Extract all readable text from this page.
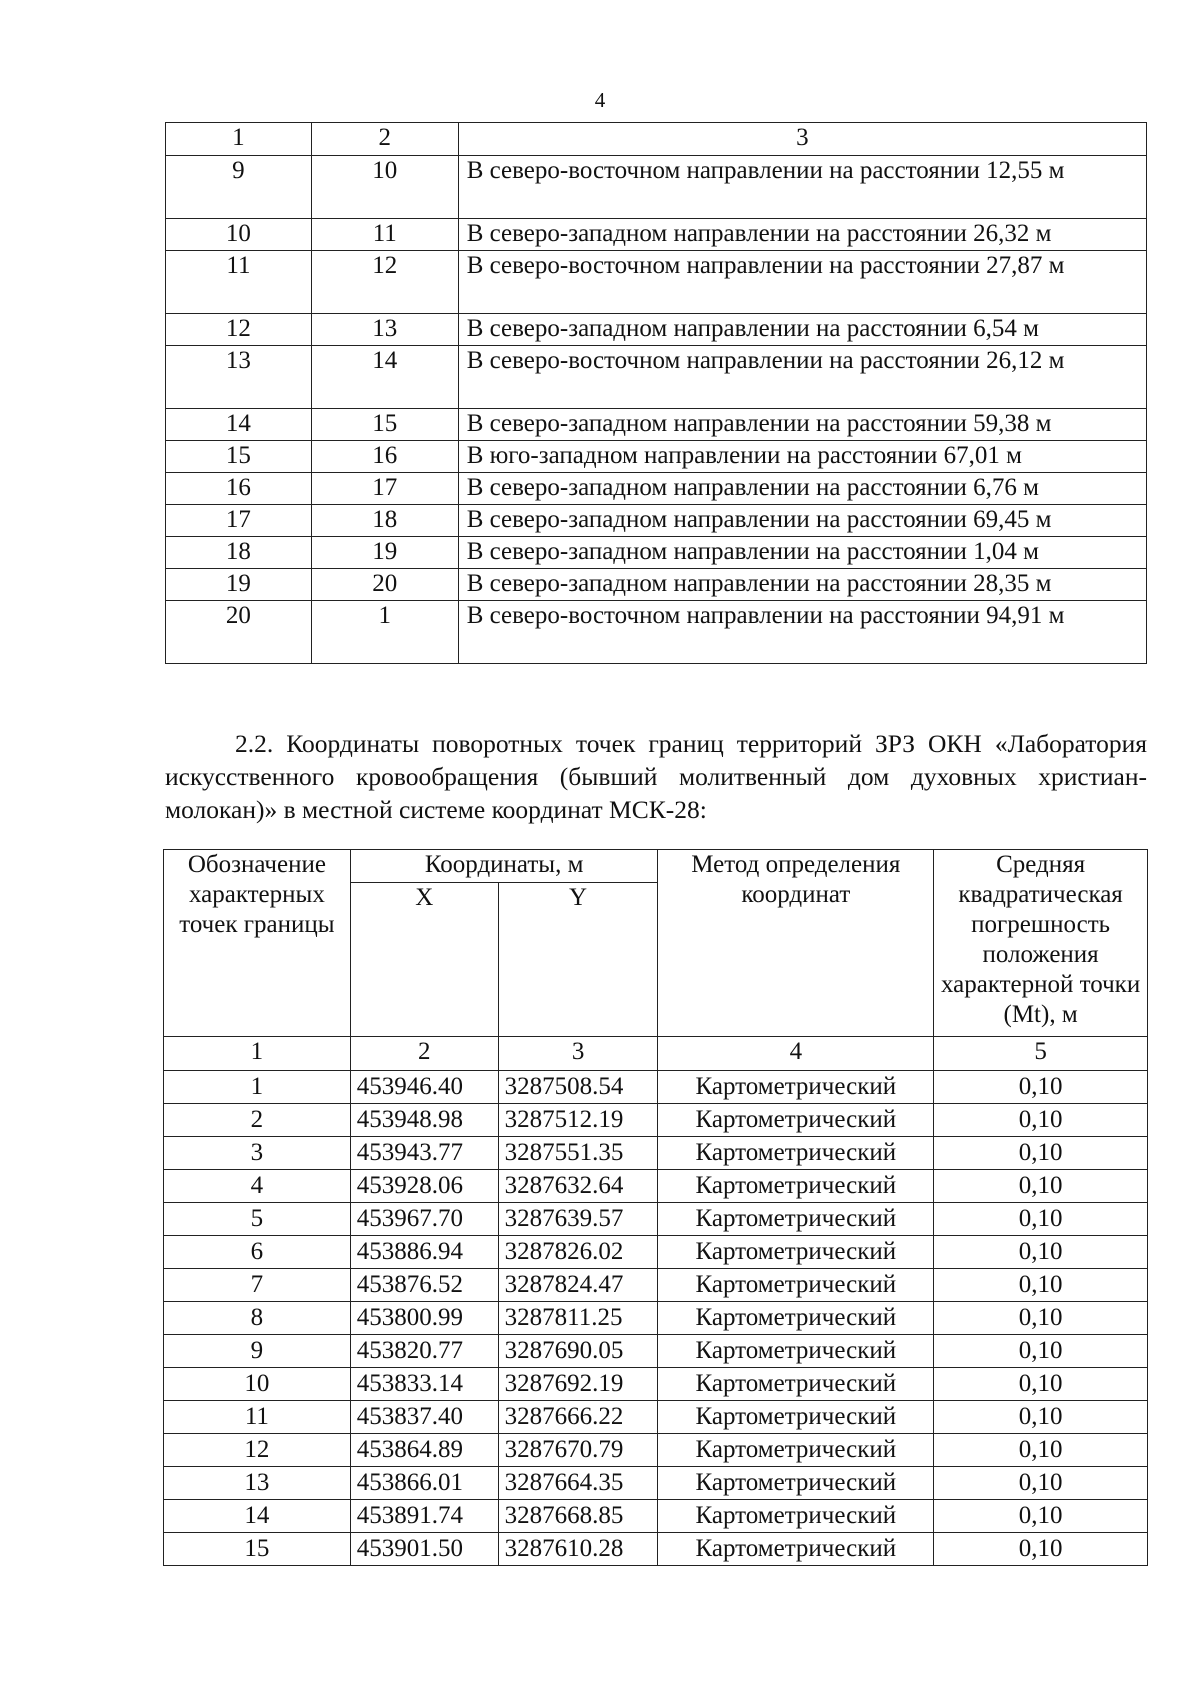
4
1	2	3
9	10	В северо-восточном направлении на расстоянии 12,55 м
10	11	В северо-западном направлении на расстоянии 26,32 м
11	12	В северо-восточном направлении на расстоянии 27,87 м
12	13	В северо-западном направлении на расстоянии 6,54 м
13	14	В северо-восточном направлении на расстоянии 26,12 м
14	15	В северо-западном направлении на расстоянии 59,38 м
15	16	В юго-западном направлении на расстоянии 67,01 м
16	17	В северо-западном направлении на расстоянии 6,76 м
17	18	В северо-западном направлении на расстоянии 69,45 м
18	19	В северо-западном направлении на расстоянии 1,04 м
19	20	В северо-западном направлении на расстоянии 28,35 м
20	1	В северо-восточном направлении на расстоянии 94,91 м

2.2. Координаты поворотных точек границ территорий ЗРЗ ОКН «Лаборатория искусственного кровообращения (бывший молитвенный дом духовных христиан-молокан)» в местной системе координат МСК-28:

Обозначение характерных точек границы	Координаты, м		Метод определения координат	Средняя квадратическая погрешность положения характерной точки (Mt), м
	X	Y		
1	2	3	4	5
1	453946.40	3287508.54	Картометрический	0,10
2	453948.98	3287512.19	Картометрический	0,10
3	453943.77	3287551.35	Картометрический	0,10
4	453928.06	3287632.64	Картометрический	0,10
5	453967.70	3287639.57	Картометрический	0,10
6	453886.94	3287826.02	Картометрический	0,10
7	453876.52	3287824.47	Картометрический	0,10
8	453800.99	3287811.25	Картометрический	0,10
9	453820.77	3287690.05	Картометрический	0,10
10	453833.14	3287692.19	Картометрический	0,10
11	453837.40	3287666.22	Картометрический	0,10
12	453864.89	3287670.79	Картометрический	0,10
13	453866.01	3287664.35	Картометрический	0,10
14	453891.74	3287668.85	Картометрический	0,10
15	453901.50	3287610.28	Картометрический	0,10
